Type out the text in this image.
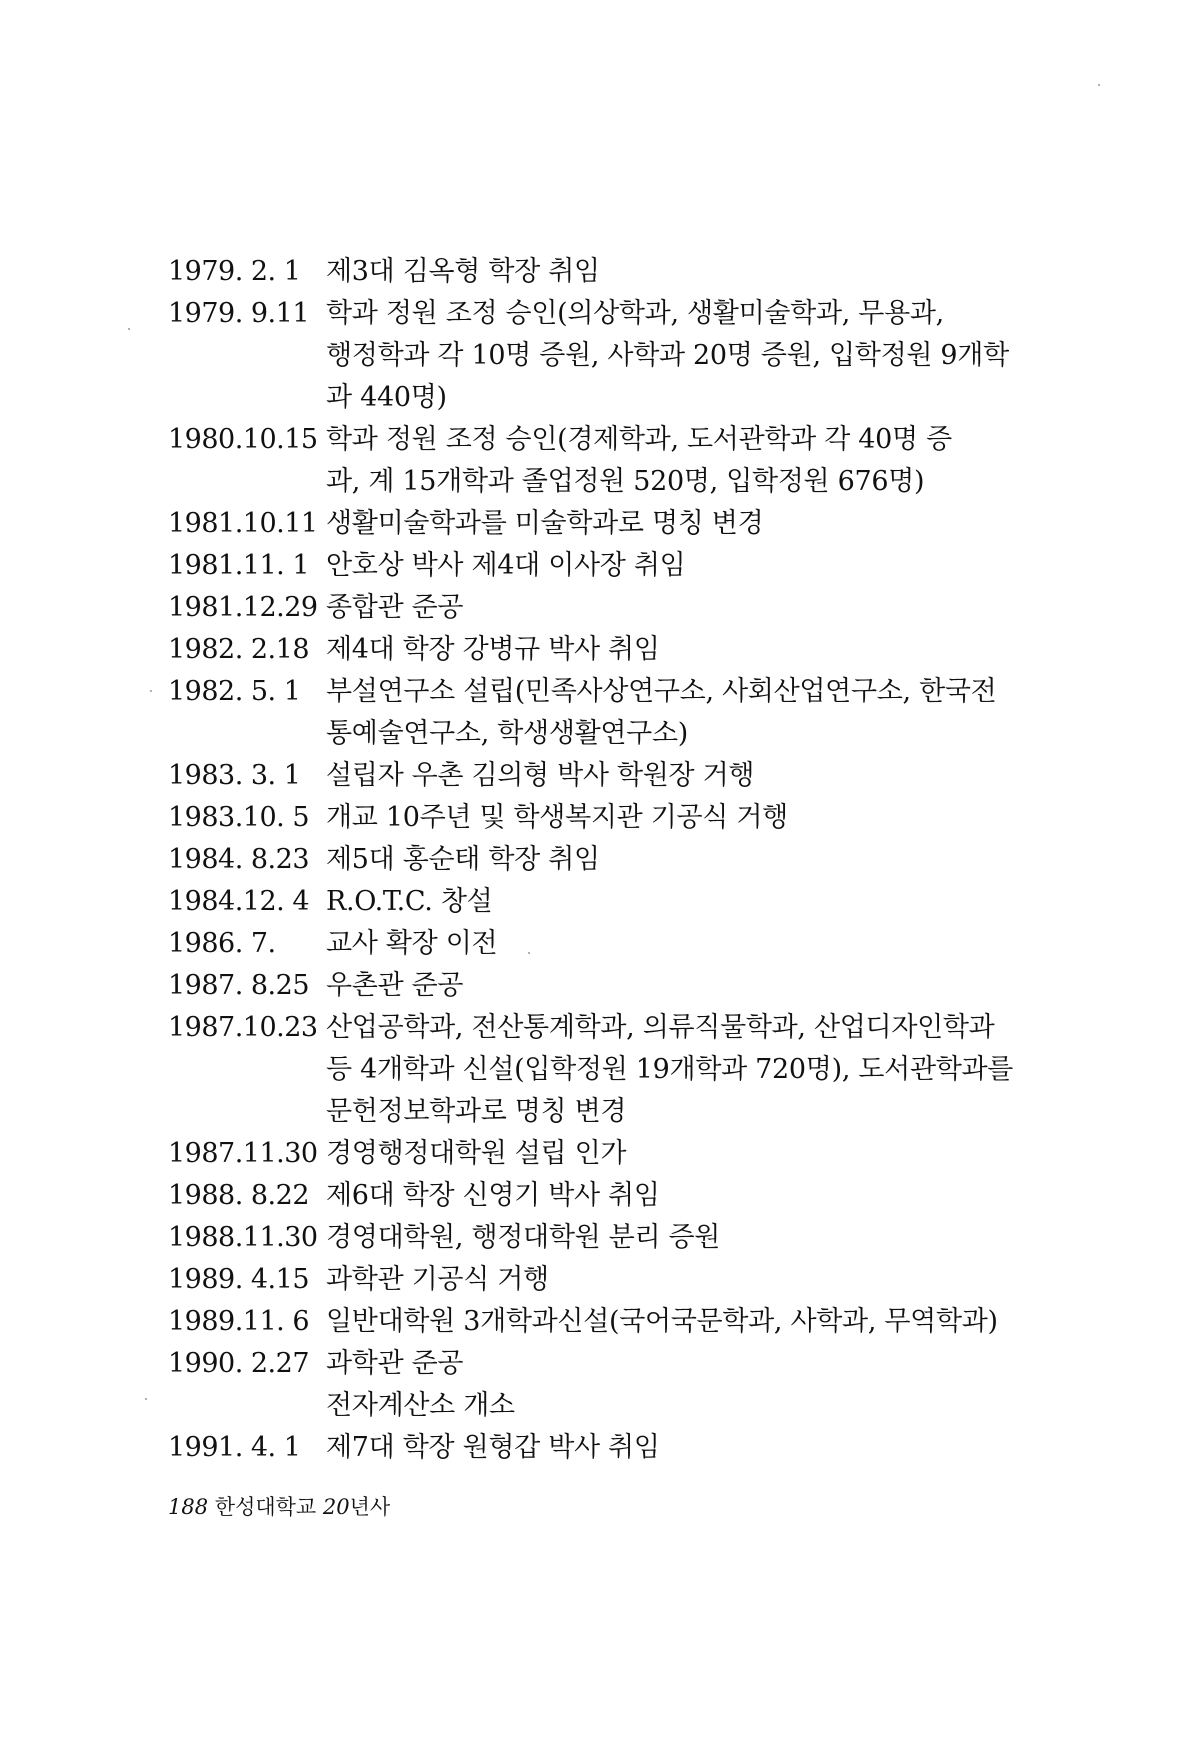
1979. 2. 1 제3대 김옥형 학장 취임
1979. 9.11 학과 정원 조정 승인(의상학과, 생활미술학과, 무용과,
행정학과 각 10명 증원, 사학과 20명 증원, 입학정원 9개학
과 440명)
1980.10.15 학과 정원 조정 승인(경제학과, 도서관학과 각 40명 증
과, 계 15개학과 졸업정원 520명, 입학정원 676명)
1981.10.11 생활미술학과를 미술학과로 명칭 변경
1981.11. 1 안호상 박사 제4대 이사장 취임
1981.12.29 종합관 준공
1982. 2.18 제4대 학장 강병규 박사 취임
1982. 5. 1 부설연구소 설립(민족사상연구소, 사회산업연구소, 한국전
통예술연구소, 학생생활연구소)
1983. 3. 1 설립자 우촌 김의형 박사 학원장 거행
1983.10. 5 개교 10주년 및 학생복지관 기공식 거행
1984. 8.23 제5대 홍순태 학장 취임
1984.12. 4 R.O.T.C. 창설
1986. 7.	교사 확장 이전
1987. 8.25 우촌관 준공
1987.10.23 산업공학과, 전산통계학과, 의류직물학과, 산업디자인학과
등 4개학과 신설(입학정원 19개학과 720명), 도서관학과를
문헌정보학과로 명칭 변경
1987.11.30 경영행정대학원 설립 인가
1988. 8.22 제6대 학장 신영기 박사 취임
1988.11.30 경영대학원, 행정대학원 분리 증원
1989. 4.15 과학관 기공식 거행
1989.11. 6 일반대학원 3개학과신설(국어국문학과, 사학과, 무역학과)
1990. 2.27 과학관 준공
전자계산소 개소
1991. 4. 1 제7대 학장 원형갑 박사 취임
188 한성대학교 20년사
